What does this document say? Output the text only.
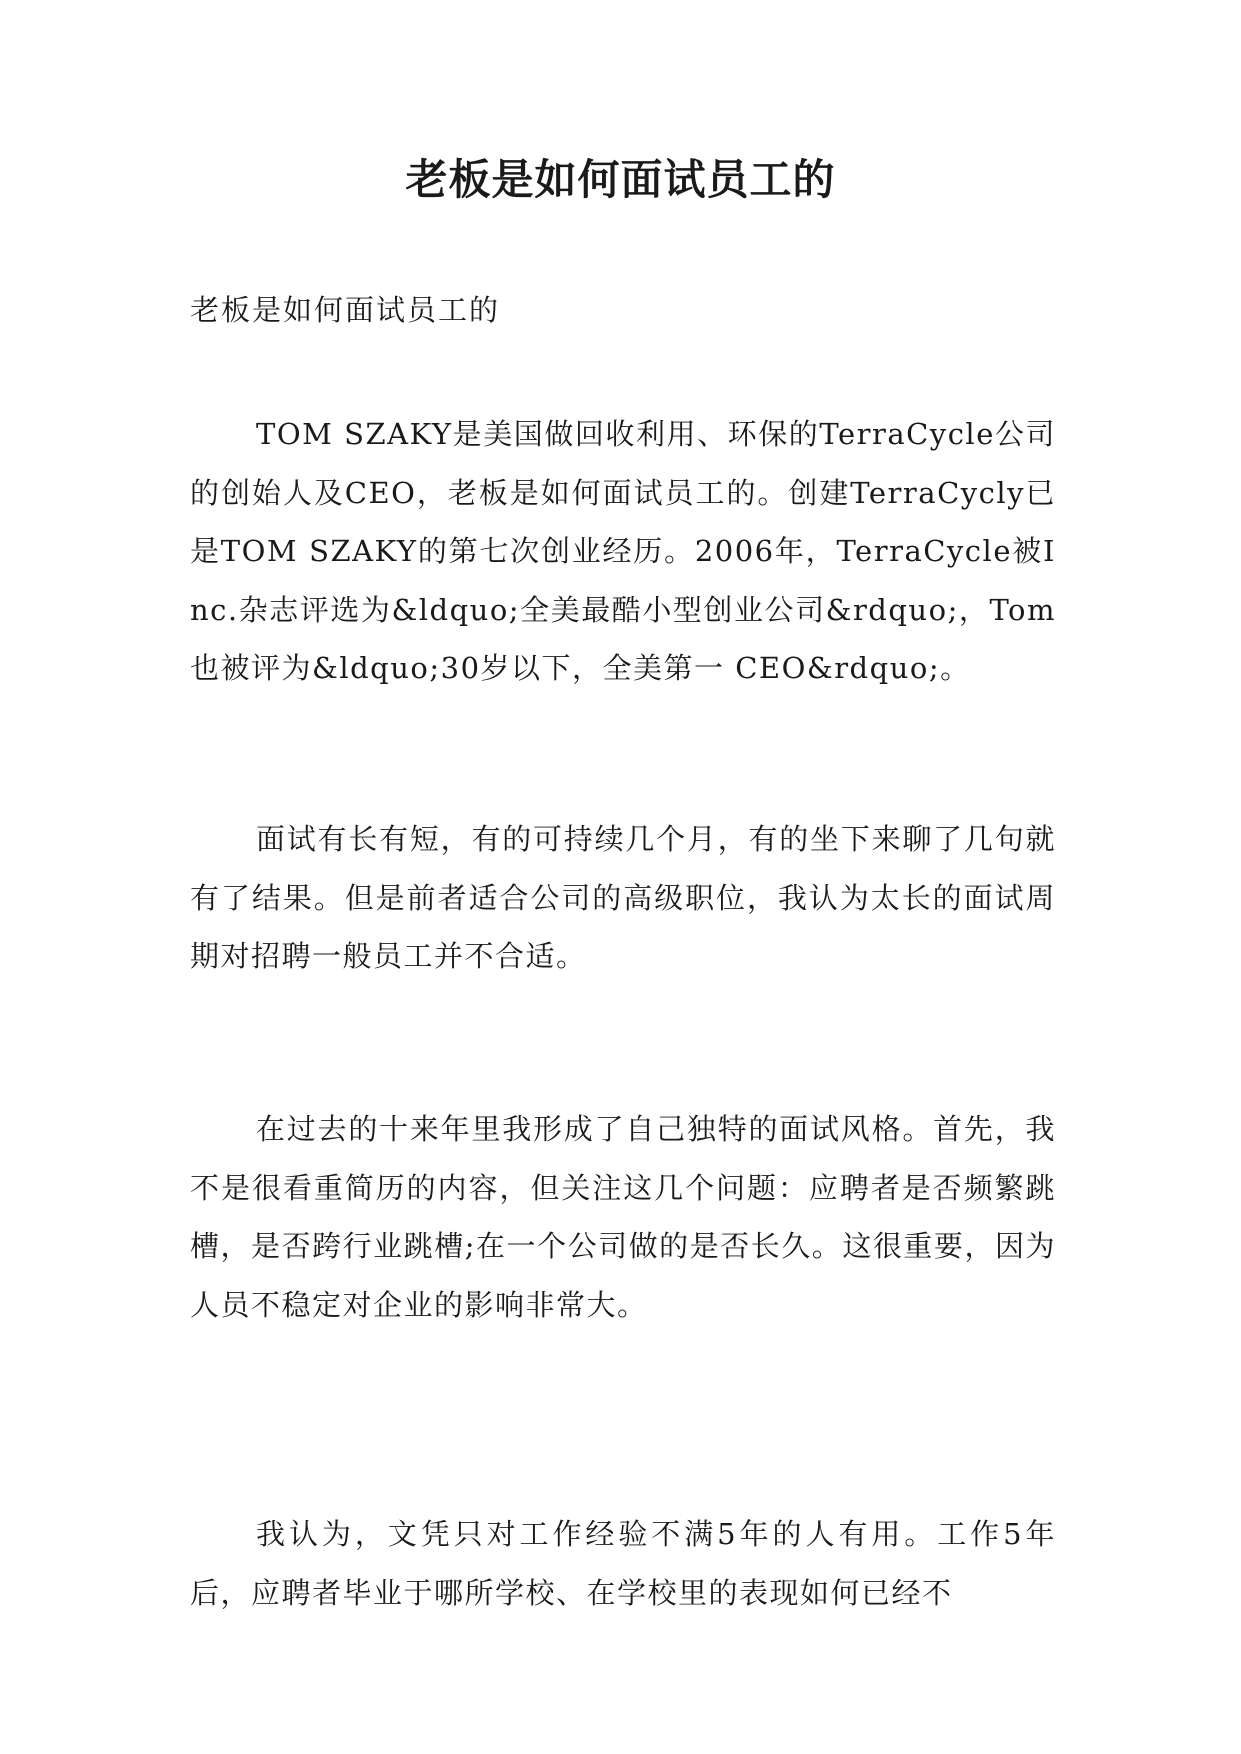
老板是如何面试员工的
老板是如何面试员工的
TOM SZAKY是美国做回收利用、环保的TerraCycle公司的创始人及CEO，老板是如何面试员工的。创建TerraCycly已是TOM SZAKY的第七次创业经历。2006年，TerraCycle被Inc.杂志评选为&ldquo;全美最酷小型创业公司&rdquo;，Tom也被评为&ldquo;30岁以下，全美第一 CEO&rdquo;。
面试有长有短，有的可持续几个月，有的坐下来聊了几句就有了结果。但是前者适合公司的高级职位，我认为太长的面试周期对招聘一般员工并不合适。
在过去的十来年里我形成了自己独特的面试风格。首先，我不是很看重简历的内容，但关注这几个问题：应聘者是否频繁跳槽，是否跨行业跳槽;在一个公司做的是否长久。这很重要，因为人员不稳定对企业的影响非常大。
我认为，文凭只对工作经验不满5年的人有用。工作5年后，应聘者毕业于哪所学校、在学校里的表现如何已经不
